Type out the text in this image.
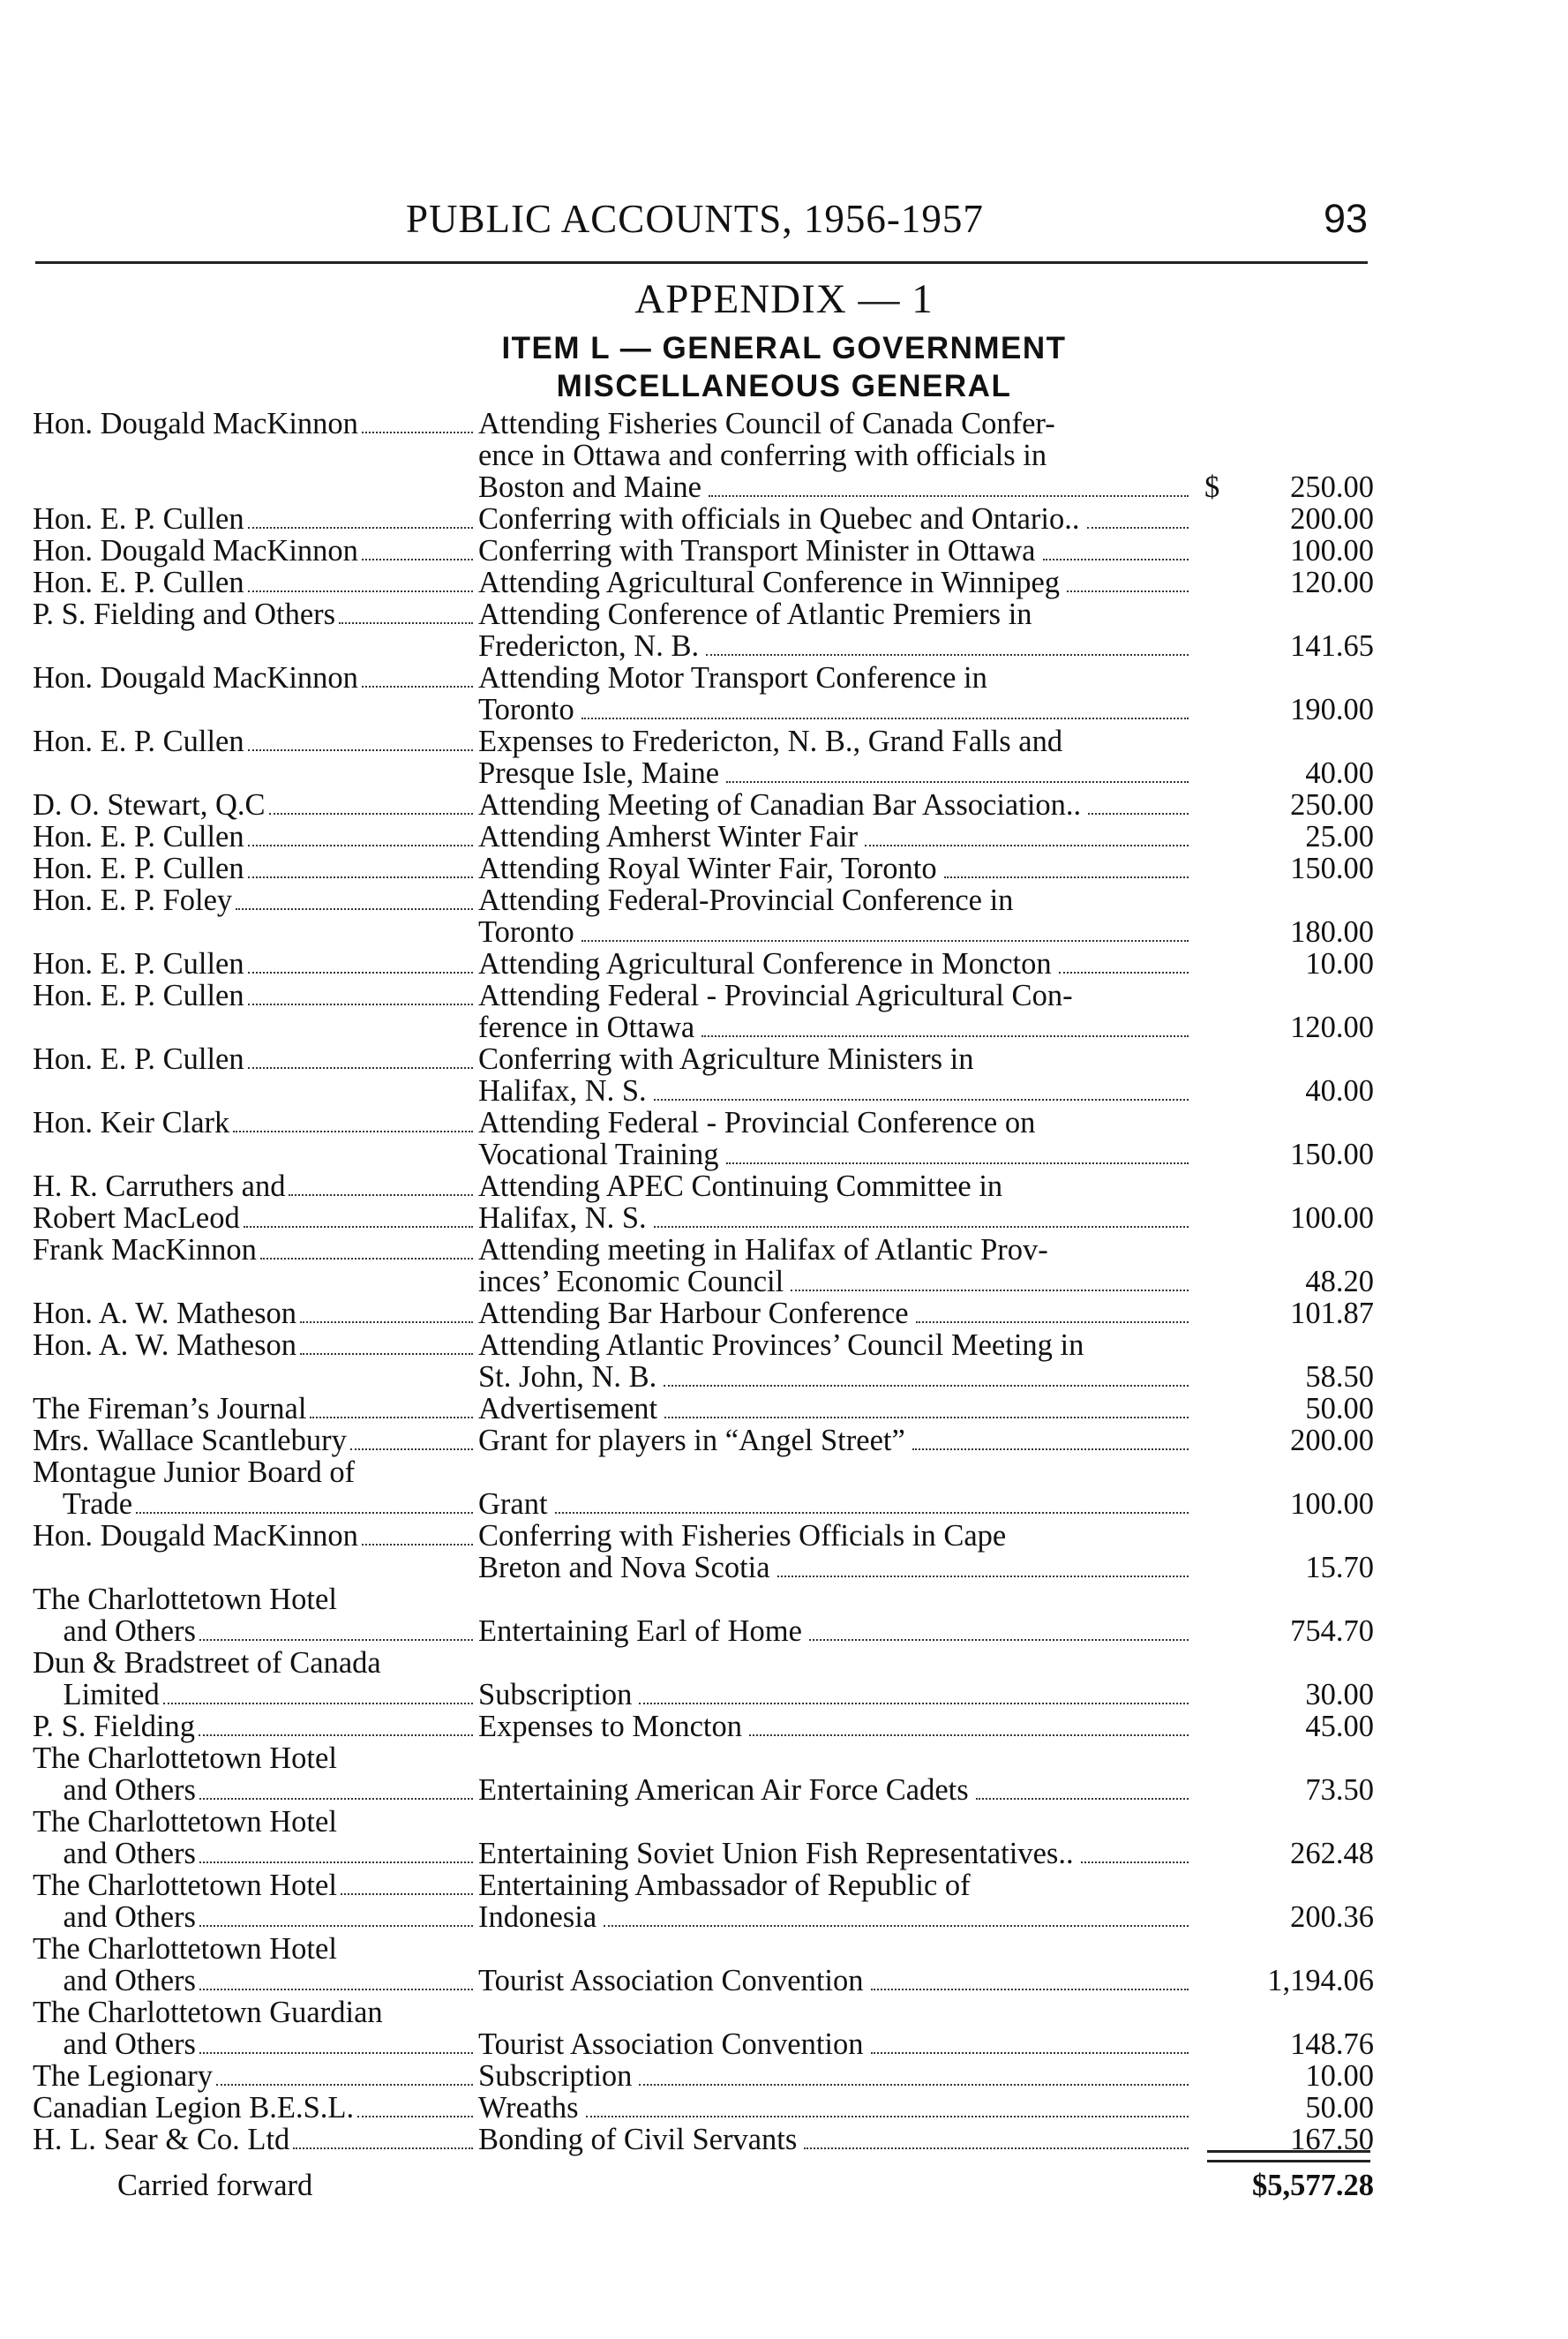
PUBLIC ACCOUNTS, 1956-1957	93
APPENDIX — 1
ITEM L — GENERAL GOVERNMENT
MISCELLANEOUS GENERAL
Hon. Dougald MacKinnon	Attending Fisheries Council of Canada Confer-
ence in Ottawa and conferring with officials in
Boston and Maine	$	250.00
Hon. E. P. Cullen	Conferring with officials in Quebec and Ontario..	200.00
Hon. Dougald MacKinnon	Conferring with Transport Minister in Ottawa	100.00
Hon. E. P. Cullen	Attending Agricultural Conference in Winnipeg	120.00
P. S. Fielding and Others	Attending Conference of Atlantic Premiers in
Fredericton, N. B.	141.65
Hon. Dougald MacKinnon	Attending Motor Transport Conference in
Toronto	190.00
Hon. E. P. Cullen	Expenses to Fredericton, N. B., Grand Falls and
Presque Isle, Maine	40.00
D. O. Stewart, Q.C	Attending Meeting of Canadian Bar Association..	250.00
Hon. E. P. Cullen	Attending Amherst Winter Fair	25.00
Hon. E. P. Cullen	Attending Royal Winter Fair, Toronto	150.00
Hon. E. P. Foley	Attending Federal-Provincial Conference in
Toronto	180.00
Hon. E. P. Cullen	Attending Agricultural Conference in Moncton	10.00
Hon. E. P. Cullen	Attending Federal - Provincial Agricultural Con-
ference in Ottawa	120.00
Hon. E. P. Cullen	Conferring with Agriculture Ministers in
Halifax, N. S.	40.00
Hon. Keir Clark	Attending Federal - Provincial Conference on
Vocational Training	150.00
H. R. Carruthers and	Attending APEC Continuing Committee in
Robert MacLeod	Halifax, N. S.	100.00
Frank MacKinnon	Attending meeting in Halifax of Atlantic Prov-
inces’ Economic Council	48.20
Hon. A. W. Matheson	Attending Bar Harbour Conference	101.87
Hon. A. W. Matheson	Attending Atlantic Provinces’ Council Meeting in
St. John, N. B.	58.50
The Fireman’s Journal	Advertisement	50.00
Mrs. Wallace Scantlebury	Grant for players in “Angel Street”	200.00
Montague Junior Board of
Trade	Grant	100.00
Hon. Dougald MacKinnon	Conferring with Fisheries Officials in Cape
Breton and Nova Scotia	15.70
The Charlottetown Hotel
and Others	Entertaining Earl of Home	754.70
Dun & Bradstreet of Canada
Limited	Subscription	30.00
P. S. Fielding	Expenses to Moncton	45.00
The Charlottetown Hotel
and Others	Entertaining American Air Force Cadets	73.50
The Charlottetown Hotel
and Others	Entertaining Soviet Union Fish Representatives..	262.48
The Charlottetown Hotel	Entertaining Ambassador of Republic of
and Others	Indonesia	200.36
The Charlottetown Hotel
and Others	Tourist Association Convention	1,194.06
The Charlottetown Guardian
and Others	Tourist Association Convention	148.76
The Legionary	Subscription	10.00
Canadian Legion B.E.S.L.	Wreaths	50.00
H. L. Sear & Co. Ltd	Bonding of Civil Servants	167.50
Carried forward	$5,577.28
